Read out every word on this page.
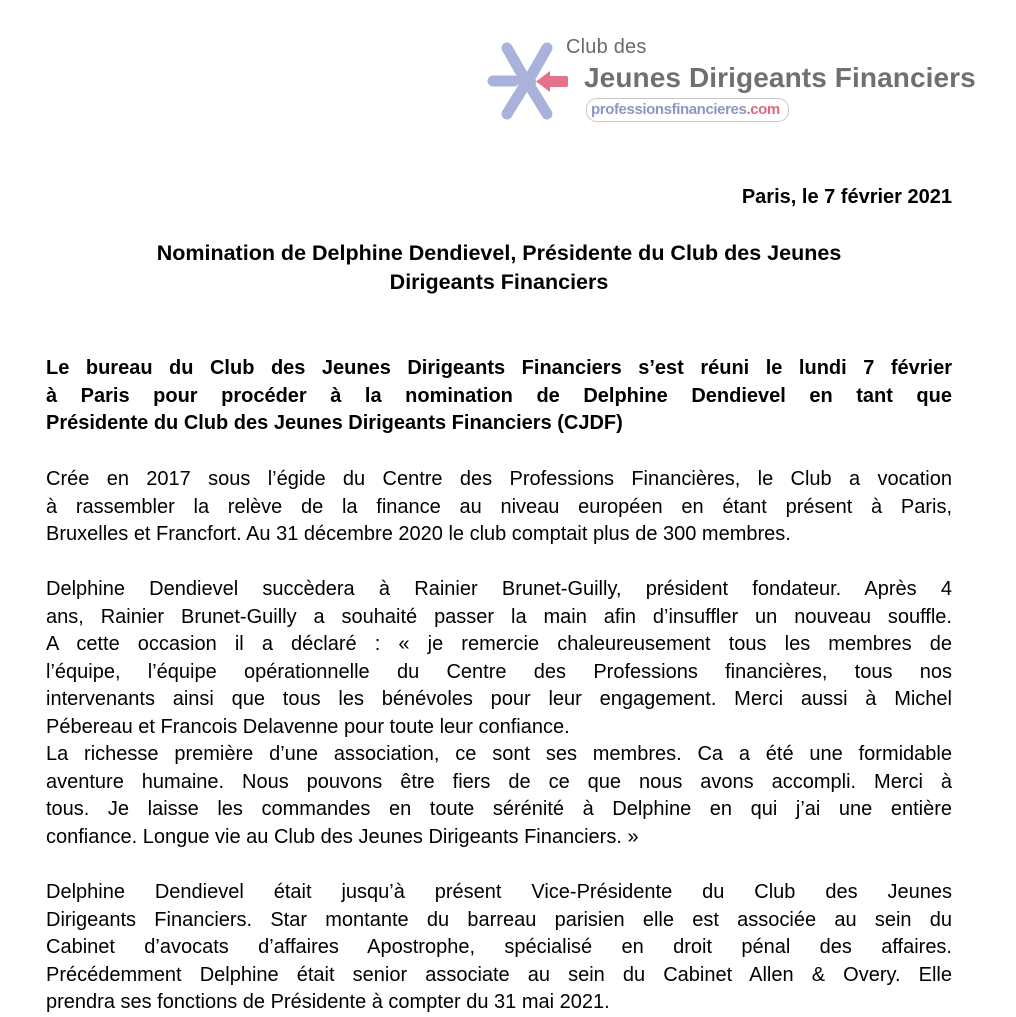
Club des
Jeunes Dirigeants Financiers
professionsfinancieres.com
Paris, le 7 février 2021
Nomination de Delphine Dendievel, Présidente du Club des Jeunes
Dirigeants Financiers
Le bureau du Club des Jeunes Dirigeants Financiers s’est réuni le lundi 7 février
à Paris pour procéder à la nomination de Delphine Dendievel en tant que
Présidente du Club des Jeunes Dirigeants Financiers (CJDF)
Crée en 2017 sous l’égide du Centre des Professions Financières, le Club a vocation
à rassembler la relève de la finance au niveau européen en étant présent à Paris,
Bruxelles et Francfort. Au 31 décembre 2020 le club comptait plus de 300 membres.
Delphine Dendievel succèdera à Rainier Brunet-Guilly, président fondateur. Après 4
ans, Rainier Brunet-Guilly a souhaité passer la main afin d’insuffler un nouveau souffle.
A cette occasion il a déclaré : « je remercie chaleureusement tous les membres de
l’équipe, l’équipe opérationnelle du Centre des Professions financières, tous nos
intervenants ainsi que tous les bénévoles pour leur engagement. Merci aussi à Michel
Pébereau et Francois Delavenne pour toute leur confiance.
La richesse première d’une association, ce sont ses membres. Ca a été une formidable
aventure humaine. Nous pouvons être fiers de ce que nous avons accompli. Merci à
tous. Je laisse les commandes en toute sérénité à Delphine en qui j’ai une entière
confiance. Longue vie au Club des Jeunes Dirigeants Financiers. »
Delphine Dendievel était jusqu’à présent Vice-Présidente du Club des Jeunes
Dirigeants Financiers. Star montante du barreau parisien elle est associée au sein du
Cabinet d’avocats d’affaires Apostrophe, spécialisé en droit pénal des affaires.
Précédemment Delphine était senior associate au sein du Cabinet Allen & Overy. Elle
prendra ses fonctions de Présidente à compter du 31 mai 2021.
